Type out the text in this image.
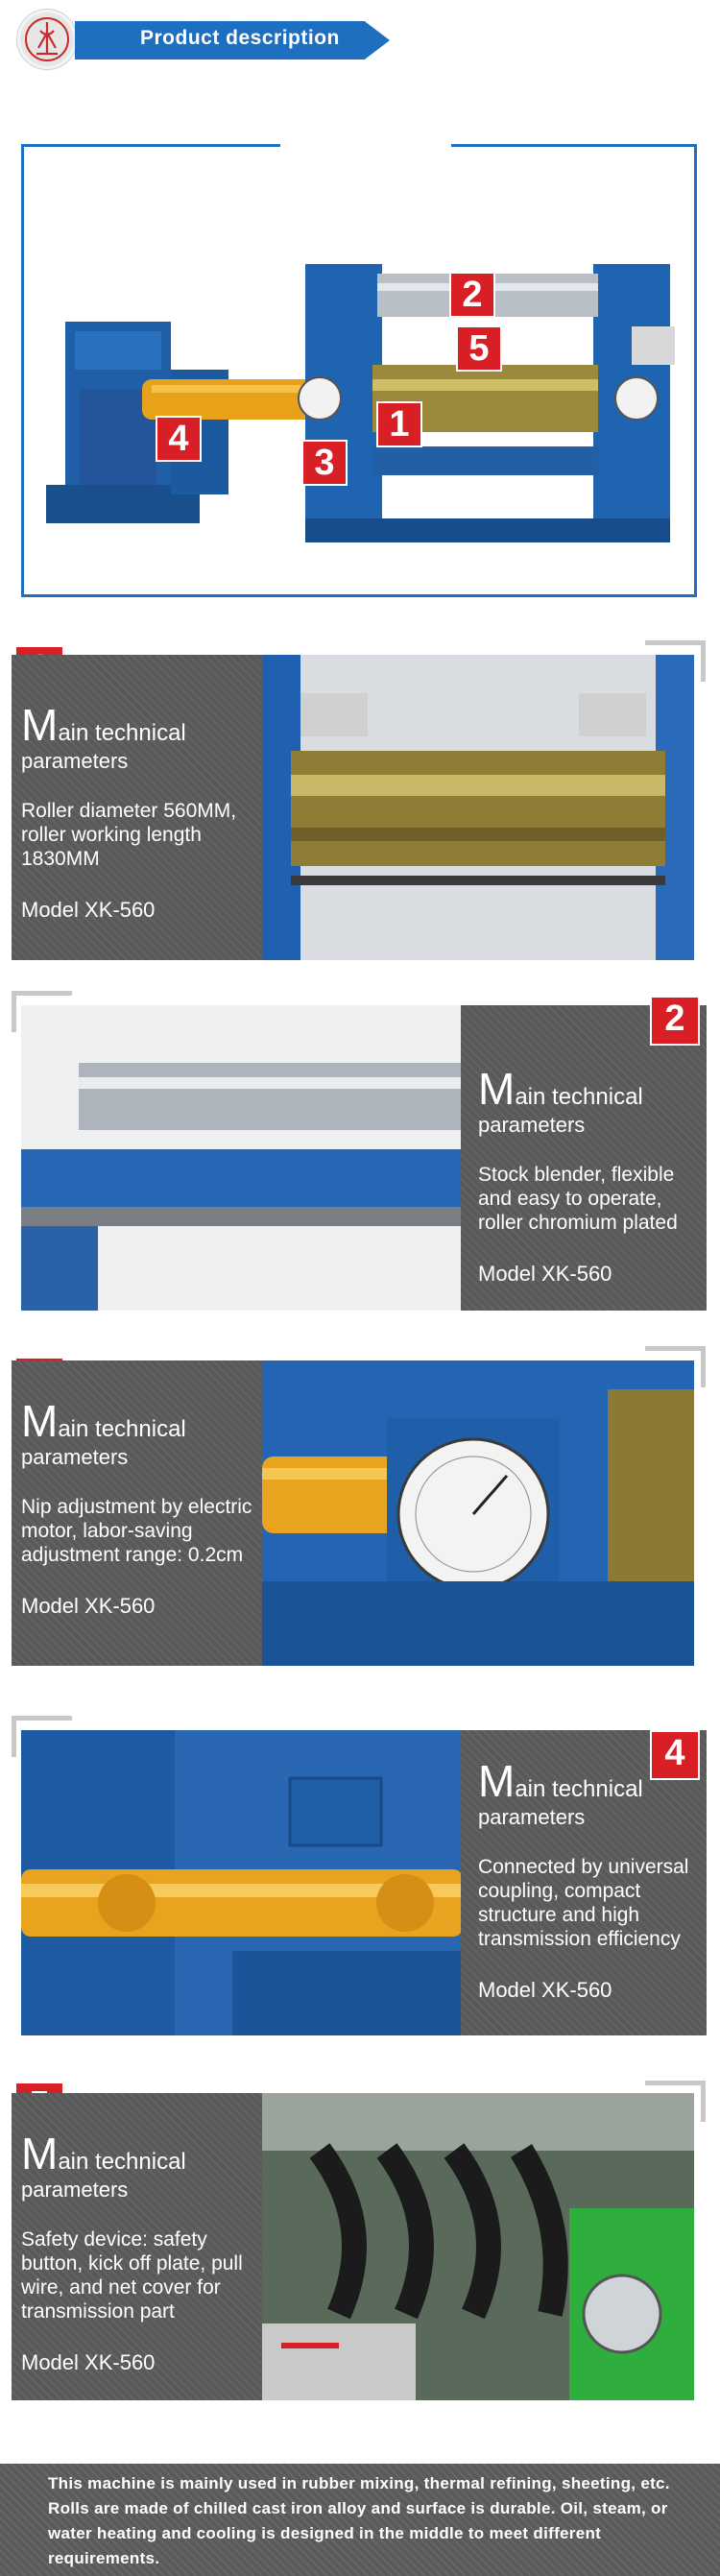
Product description
2
5
1
4
3
Main technical
parameters
Roller diameter 560MM, roller working length 1830MM
Model XK-560
Main technical
parameters
Stock blender, flexible and easy to operate, roller chromium plated
Model XK-560
2
Main technical
parameters
Nip adjustment by electric motor, labor-saving adjustment range: 0.2cm
Model XK-560
Main technical
parameters
Connected by universal coupling, compact structure and high transmission efficiency
Model XK-560
4
Main technical
parameters
Safety device: safety button, kick off plate, pull wire, and net cover for transmission part
Model XK-560
This machine is mainly used in rubber mixing, thermal refining, sheeting, etc. Rolls are made of chilled cast iron alloy and surface is durable. Oil, steam, or water heating and cooling is designed in the middle to meet different requirements.
